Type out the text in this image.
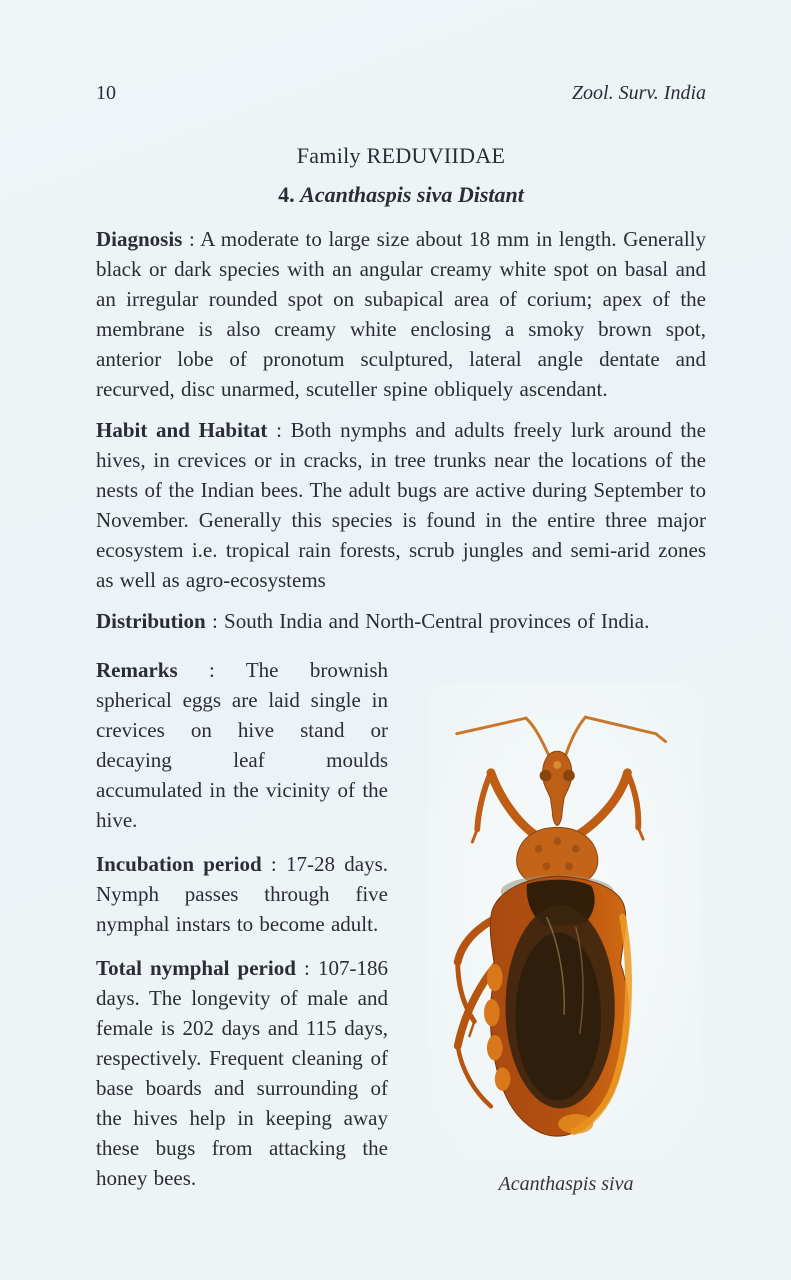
10	Zool. Surv. India
Family REDUVIIDAE
4. Acanthaspis siva Distant

Diagnosis : A moderate to large size about 18 mm in length. Generally black or dark species with an angular creamy white spot on basal and an irregular rounded spot on subapical area of corium; apex of the membrane is also creamy white enclosing a smoky brown spot, anterior lobe of pronotum sculptured, lateral angle dentate and recurved, disc unarmed, scuteller spine obliquely ascendant.

Habit and Habitat : Both nymphs and adults freely lurk around the hives, in crevices or in cracks, in tree trunks near the locations of the nests of the Indian bees. The adult bugs are active during September to November. Generally this species is found in the entire three major ecosystem i.e. tropical rain forests, scrub jungles and semi-arid zones as well as agro-ecosystems

Distribution : South India and North-Central provinces of India.

Remarks : The brownish spherical eggs are laid single in crevices on hive stand or decaying leaf moulds accumulated in the vicinity of the hive.

Incubation period : 17-28 days. Nymph passes through five nymphal instars to become adult.

Total nymphal period : 107-186 days. The longevity of male and female is 202 days and 115 days, respectively. Frequent cleaning of base boards and surrounding of the hives help in keeping away these bugs from attacking the honey bees.	Acanthaspis siva
